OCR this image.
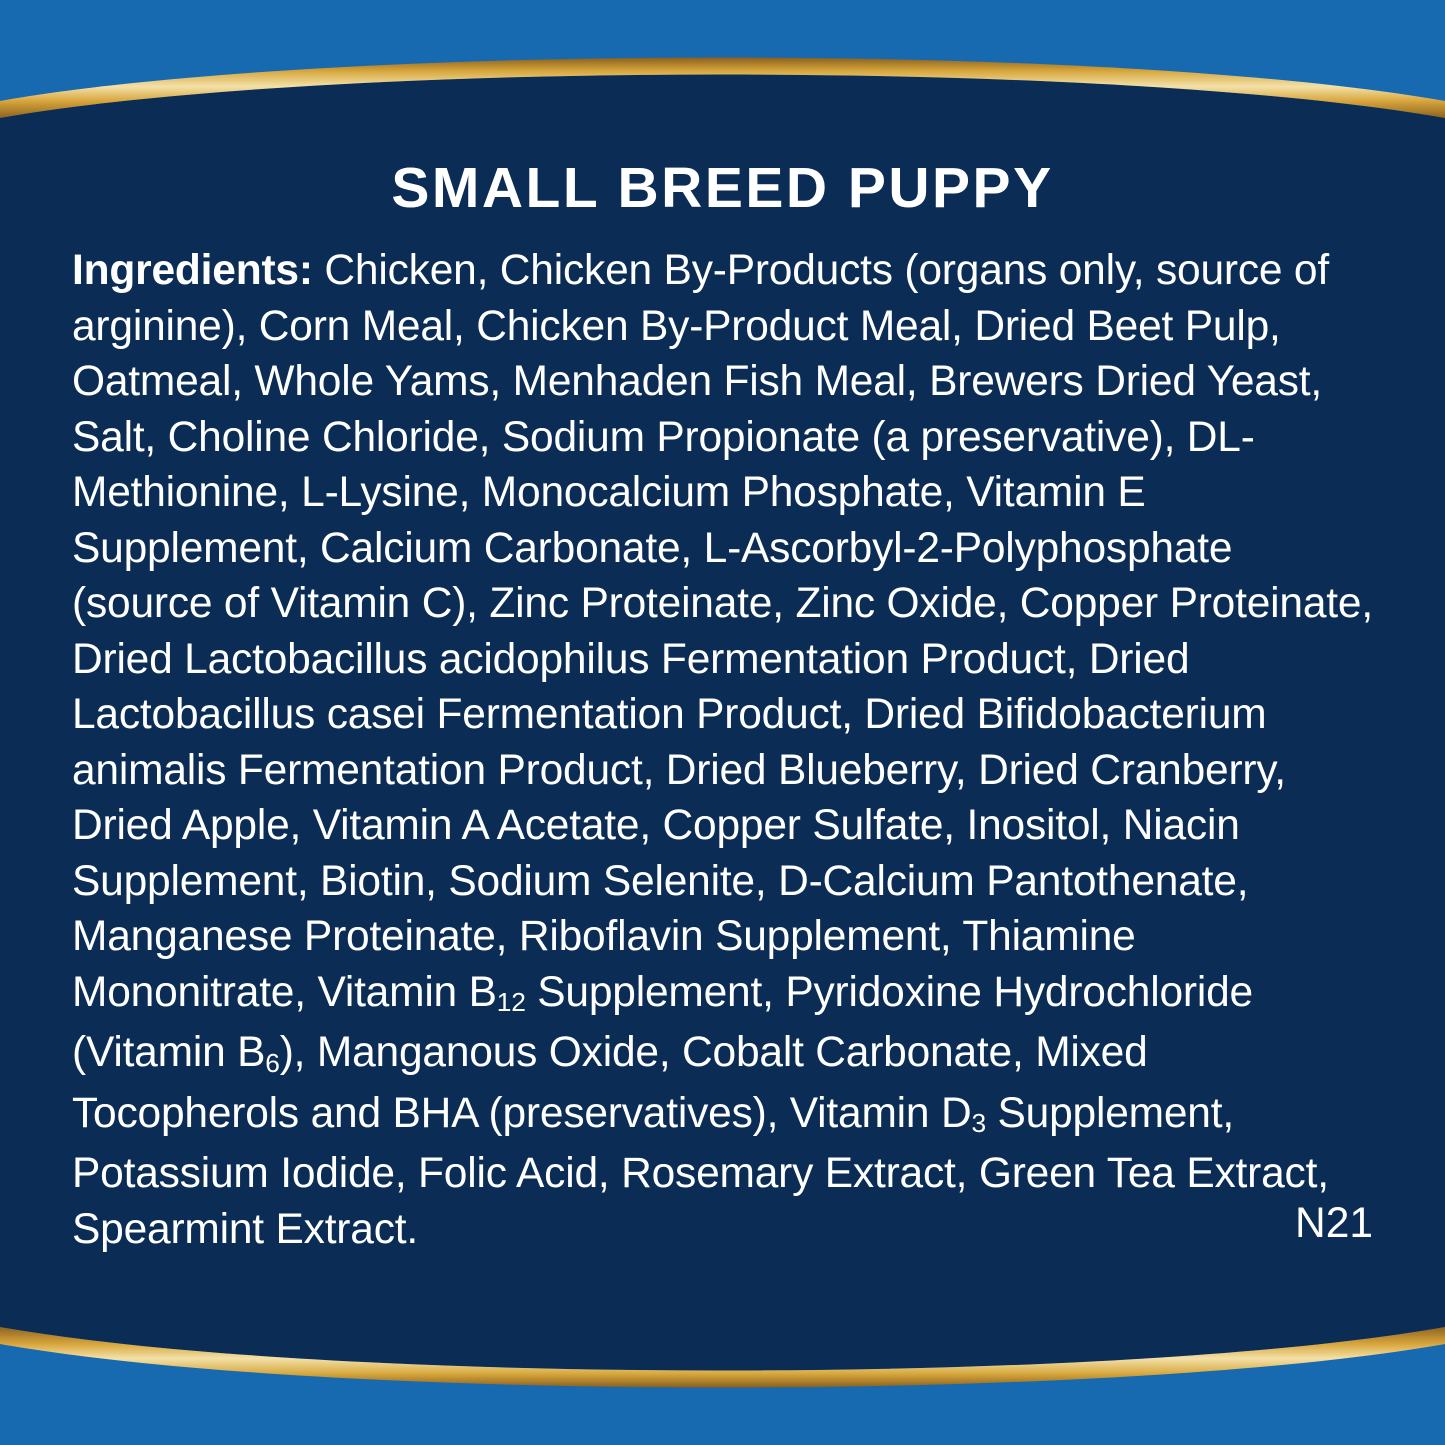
SMALL BREED PUPPY
Ingredients: Chicken, Chicken By-Products (organs only, source of arginine), Corn Meal, Chicken By-Product Meal, Dried Beet Pulp, Oatmeal, Whole Yams, Menhaden Fish Meal, Brewers Dried Yeast, Salt, Choline Chloride, Sodium Propionate (a preservative), DL-Methionine, L-Lysine, Monocalcium Phosphate, Vitamin E Supplement, Calcium Carbonate, L-Ascorbyl-2-Polyphosphate (source of Vitamin C), Zinc Proteinate, Zinc Oxide, Copper Proteinate, Dried Lactobacillus acidophilus Fermentation Product, Dried Lactobacillus casei Fermentation Product, Dried Bifidobacterium animalis Fermentation Product, Dried Blueberry, Dried Cranberry, Dried Apple, Vitamin A Acetate, Copper Sulfate, Inositol, Niacin Supplement, Biotin, Sodium Selenite, D-Calcium Pantothenate, Manganese Proteinate, Riboflavin Supplement, Thiamine Mononitrate, Vitamin $B_{12}$ Supplement, Pyridoxine Hydrochloride (Vitamin $B_6$), Manganous Oxide, Cobalt Carbonate, Mixed Tocopherols and BHA (preservatives), Vitamin $D_3$ Supplement, Potassium Iodide, Folic Acid, Rosemary Extract, Green Tea Extract, Spearmint Extract.	N21
